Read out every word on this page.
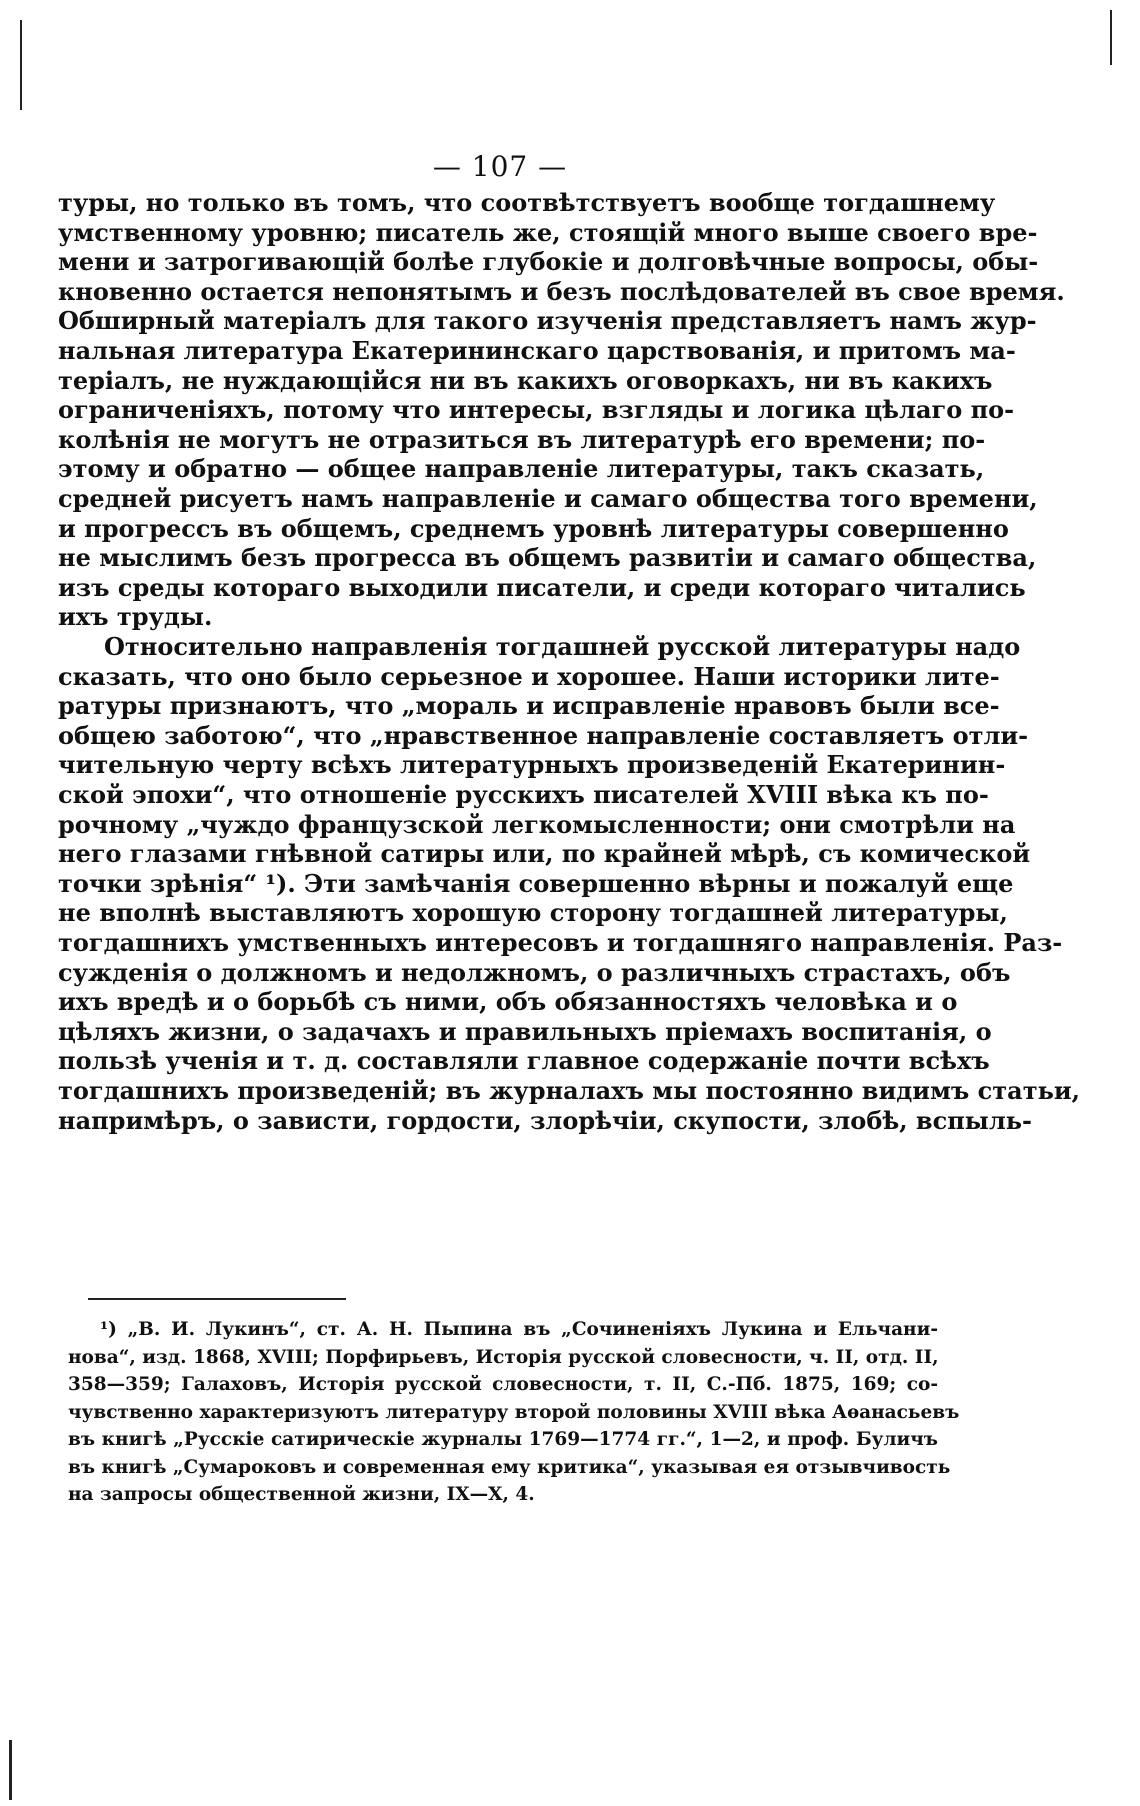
— 107 —
туры, но только въ томъ, что соотвѣтствуетъ вообще тогдашнему
умственному уровню; писатель же, стоящій много выше своего вре-
мени и затрогивающій болѣе глубокіе и долговѣчные вопросы, обы-
кновенно остается непонятымъ и безъ послѣдователей въ свое время.
Обширный матеріалъ для такого изученія представляетъ намъ жур-
нальная литература Екатерининскаго царствованія, и притомъ ма-
теріалъ, не нуждающійся ни въ какихъ оговоркахъ, ни въ какихъ
ограниченіяхъ, потому что интересы, взгляды и логика цѣлаго по-
колѣнія не могутъ не отразиться въ литературѣ его времени; по-
этому и обратно — общее направленіе литературы, такъ сказать,
средней рисуетъ намъ направленіе и самаго общества того времени,
и прогрессъ въ общемъ, среднемъ уровнѣ литературы совершенно
не мыслимъ безъ прогресса въ общемъ развитіи и самаго общества,
изъ среды котораго выходили писатели, и среди котораго читались
ихъ труды.
Относительно направленія тогдашней русской литературы надо
сказать, что оно было серьезное и хорошее. Наши историки лите-
ратуры признаютъ, что „мораль и исправленіе нравовъ были все-
общею заботою“, что „нравственное направленіе составляетъ отли-
чительную черту всѣхъ литературныхъ произведеній Екатеринин-
ской эпохи“, что отношеніе русскихъ писателей XVIII вѣка къ по-
рочному „чуждо французской легкомысленности; они смотрѣли на
него глазами гнѣвной сатиры или, по крайней мѣрѣ, съ комической
точки зрѣнія“ ¹). Эти замѣчанія совершенно вѣрны и пожалуй еще
не вполнѣ выставляютъ хорошую сторону тогдашней литературы,
тогдашнихъ умственныхъ интересовъ и тогдашняго направленія. Раз-
сужденія о должномъ и недолжномъ, о различныхъ страстахъ, объ
ихъ вредѣ и о борьбѣ съ ними, объ обязанностяхъ человѣка и о
цѣляхъ жизни, о задачахъ и правильныхъ пріемахъ воспитанія, о
пользѣ ученія и т. д. составляли главное содержаніе почти всѣхъ
тогдашнихъ произведеній; въ журналахъ мы постоянно видимъ статьи,
напримѣръ, о зависти, гордости, злорѣчіи, скупости, злобѣ, вспыль-
¹) „В. И. Лукинъ“, ст. А. Н. Пыпина въ „Сочиненіяхъ Лукина и Ельчани-
нова“, изд. 1868, XVIII; Порфирьевъ, Исторія русской словесности, ч. II, отд. II,
358—359; Галаховъ, Исторія русской словесности, т. II, С.-Пб. 1875, 169; со-
чувственно характеризуютъ литературу второй половины XVIII вѣка Аѳанасьевъ
въ книгѣ „Русскіе сатирическіе журналы 1769—1774 гг.“, 1—2, и проф. Буличъ
въ книгѣ „Сумароковъ и современная ему критика“, указывая ея отзывчивость
на запросы общественной жизни, IX—X, 4.
